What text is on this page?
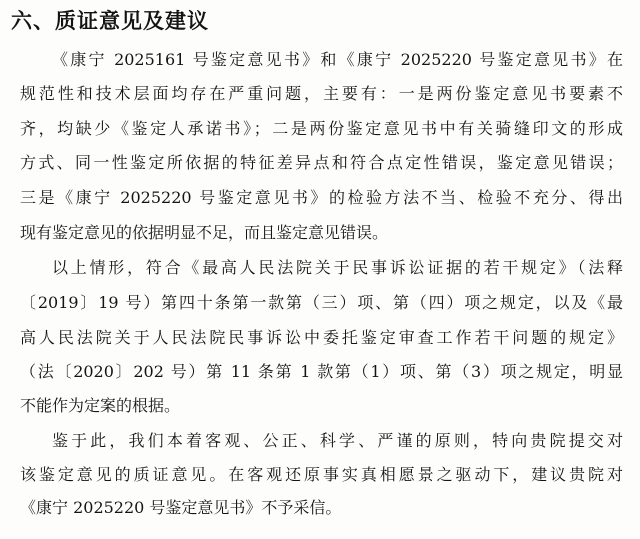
六、质证意见及建议
《康宁 2025161 号鉴定意见书》和《康宁 2025220 号鉴定意见书》在
规范性和技术层面均存在严重问题，主要有：一是两份鉴定意见书要素不
齐，均缺少《鉴定人承诺书》；二是两份鉴定意见书中有关骑缝印文的形成
方式、同一性鉴定所依据的特征差异点和符合点定性错误，鉴定意见错误；
三是《康宁 2025220 号鉴定意见书》的检验方法不当、检验不充分、得出
现有鉴定意见的依据明显不足，而且鉴定意见错误。
以上情形，符合《最高人民法院关于民事诉讼证据的若干规定》（法释
〔2019〕19 号）第四十条第一款第（三）项、第（四）项之规定，以及《最
高人民法院关于人民法院民事诉讼中委托鉴定审查工作若干问题的规定》
（法〔2020〕202 号）第 11 条第 1 款第（1）项、第（3）项之规定，明显
不能作为定案的根据。
鉴于此，我们本着客观、公正、科学、严谨的原则，特向贵院提交对
该鉴定意见的质证意见。在客观还原事实真相愿景之驱动下，建议贵院对
《康宁 2025220 号鉴定意见书》不予采信。
